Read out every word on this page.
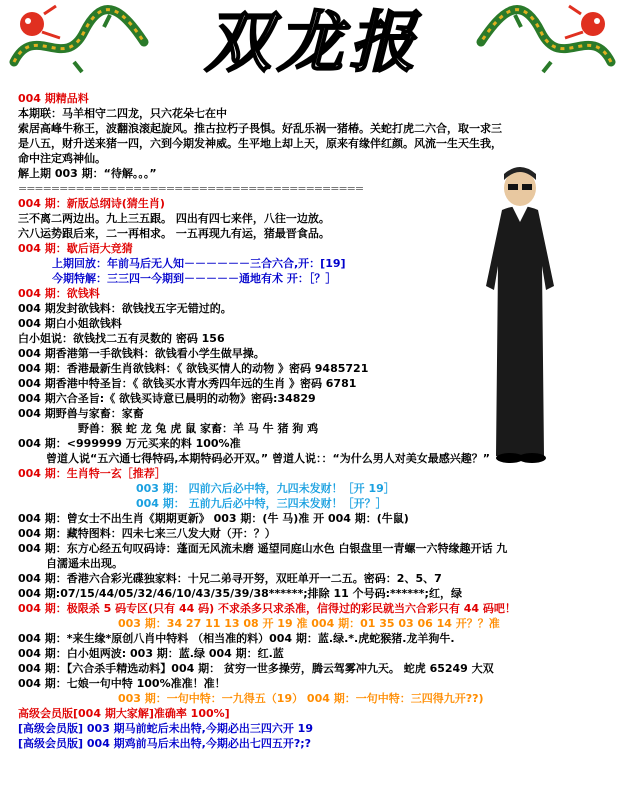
双龙报
004 期精品料
本期联：马羊相守二四龙，只六花朵七在中
索居高峰牛称王，波翻浪滚起旋风。推古拉朽子畏惧。好乱乐祸一猪椿。关蛇打虎二六合，取一求三
是八五，财升送来猪一四，六到今期发神威。生平地上却上天，原来有缘伴红颜。风流一生天生我，
命中注定鸡神仙。
解上期 003 期：“待解。。。”
==========================================
004 期：新版总纲诗(猜生肖)
三不离二两边出。九上三五跟。 四出有四七来伴，八往一边放。
六八运势跟后来，二一再相求。 一五再现九有运，猪最晋食品。
004 期：歇后语大竞猜
上期回放：年前马后无人知－－－－－－三合六合,开：[19]
今期特解：三三四一今期到－－－－－通地有术 开：［？］
004 期：欲钱料
004 期发封欲钱料：欲钱找五字无错过的。
004 期白小姐欲钱料
白小姐说：欲钱找二五有灵数的 密码 156
004 期香港第一手欲钱料：欲钱看小学生做早操。
004 期：香港最新生肖欲钱料：《 欲钱买情人的动物 》密码 9485721
004 期香港中特圣旨：《 欲钱买水青水秀四年远的生肖 》密码 6781
004 期六合圣旨:《 欲钱买诗意已晨明的动物》密码:34829
004 期野兽与家畜：家畜
野兽：猴 蛇 龙 兔 虎 鼠 家畜：羊 马 牛 猪 狗 鸡
004 期：<999999 万元买来的料 100%准
曾道人说“五六通七得特码,本期特码必开双。” 曾道人说：：“为什么男人对美女最感兴趣？”
004 期：生肖特一玄［推荐］
003 期： 四前六后必中特，九四未发财！［开 19］
004 期： 五前九后必中特，三四未发财！［开？］
004 期：曾女士不出生肖《期期更新》 003 期：(牛 马)准 开 004 期：(牛鼠)
004 期：藏特图料：四未七来三八发大财（开：？）
004 期：东方心经五句叹码诗：蓬面无风流未磨 遥望同庭山水色 白银盘里一青螺一六特缘趣开话 九
自濡遥未出现。
004 期：香港六合彩光碟独家料：十兄二弟寻开努，双旺单开一二五。密码：2、5、7
004 期:07/15/44/05/32/46/10/43/35/39/38******;排除 11 个号码:******;红，绿
004 期：极限杀 5 码专区(只有 44 码) 不求杀多只求杀准，信得过的彩民就当六合彩只有 44 码吧！
003 期：34 27 11 13 08 开 19 准 004 期：01 35 03 06 14 开？？准
004 期：*来生缘*原创八肖中特料 （相当准的料）004 期：蓝.绿.*.虎蛇猴猪.龙羊狗牛.
004 期：白小姐两波: 003 期：蓝.绿 004 期：红.蓝
004 期：【六合杀手精选动料】004 期： 贫穷一世多操劳，腾云驾雾冲九天。 蛇虎 65249 大双
004 期：七娘一句中特 100%准准！准！
003 期：一句中特：一九得五（19） 004 期：一句中特：三四得九开??)
高级会员版[004 期大家解]准确率 100%]
[高级会员版] 003 期马前蛇后未出特,今期必出三四六开 19
[高级会员版] 004 期鸡前马后未出特,今期必出七四五开?;?
